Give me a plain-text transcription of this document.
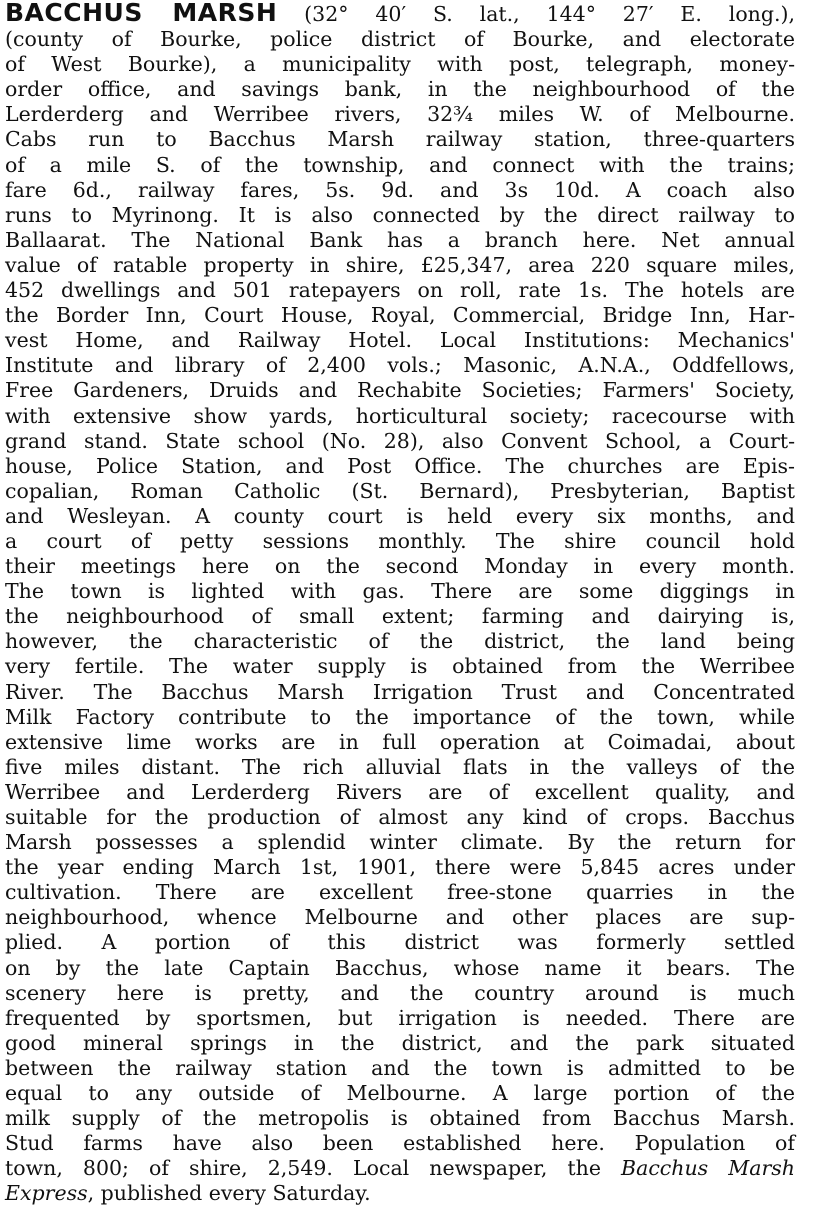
BACCHUS MARSH (32° 40′ S. lat., 144° 27′ E. long.),
(county of Bourke, police district of Bourke, and electorate
of West Bourke), a municipality with post, telegraph, money-
order office, and savings bank, in the neighbourhood of the
Lerderderg and Werribee rivers, 32¾ miles W. of Melbourne.
Cabs run to Bacchus Marsh railway station, three-quarters
of a mile S. of the township, and connect with the trains;
fare 6d., railway fares, 5s. 9d. and 3s 10d. A coach also
runs to Myrinong. It is also connected by the direct railway to
Ballaarat. The National Bank has a branch here. Net annual
value of ratable property in shire, £25,347, area 220 square miles,
452 dwellings and 501 ratepayers on roll, rate 1s. The hotels are
the Border Inn, Court House, Royal, Commercial, Bridge Inn, Har-
vest Home, and Railway Hotel. Local Institutions: Mechanics'
Institute and library of 2,400 vols.; Masonic, A.N.A., Oddfellows,
Free Gardeners, Druids and Rechabite Societies; Farmers' Society,
with extensive show yards, horticultural society; racecourse with
grand stand. State school (No. 28), also Convent School, a Court-
house, Police Station, and Post Office. The churches are Epis-
copalian, Roman Catholic (St. Bernard), Presbyterian, Baptist
and Wesleyan. A county court is held every six months, and
a court of petty sessions monthly. The shire council hold
their meetings here on the second Monday in every month.
The town is lighted with gas. There are some diggings in
the neighbourhood of small extent; farming and dairying is,
however, the characteristic of the district, the land being
very fertile. The water supply is obtained from the Werribee
River. The Bacchus Marsh Irrigation Trust and Concentrated
Milk Factory contribute to the importance of the town, while
extensive lime works are in full operation at Coimadai, about
five miles distant. The rich alluvial flats in the valleys of the
Werribee and Lerderderg Rivers are of excellent quality, and
suitable for the production of almost any kind of crops. Bacchus
Marsh possesses a splendid winter climate. By the return for
the year ending March 1st, 1901, there were 5,845 acres under
cultivation. There are excellent free-stone quarries in the
neighbourhood, whence Melbourne and other places are sup-
plied. A portion of this district was formerly settled
on by the late Captain Bacchus, whose name it bears. The
scenery here is pretty, and the country around is much
frequented by sportsmen, but irrigation is needed. There are
good mineral springs in the district, and the park situated
between the railway station and the town is admitted to be
equal to any outside of Melbourne. A large portion of the
milk supply of the metropolis is obtained from Bacchus Marsh.
Stud farms have also been established here. Population of
town, 800; of shire, 2,549. Local newspaper, the Bacchus Marsh
Express, published every Saturday.
